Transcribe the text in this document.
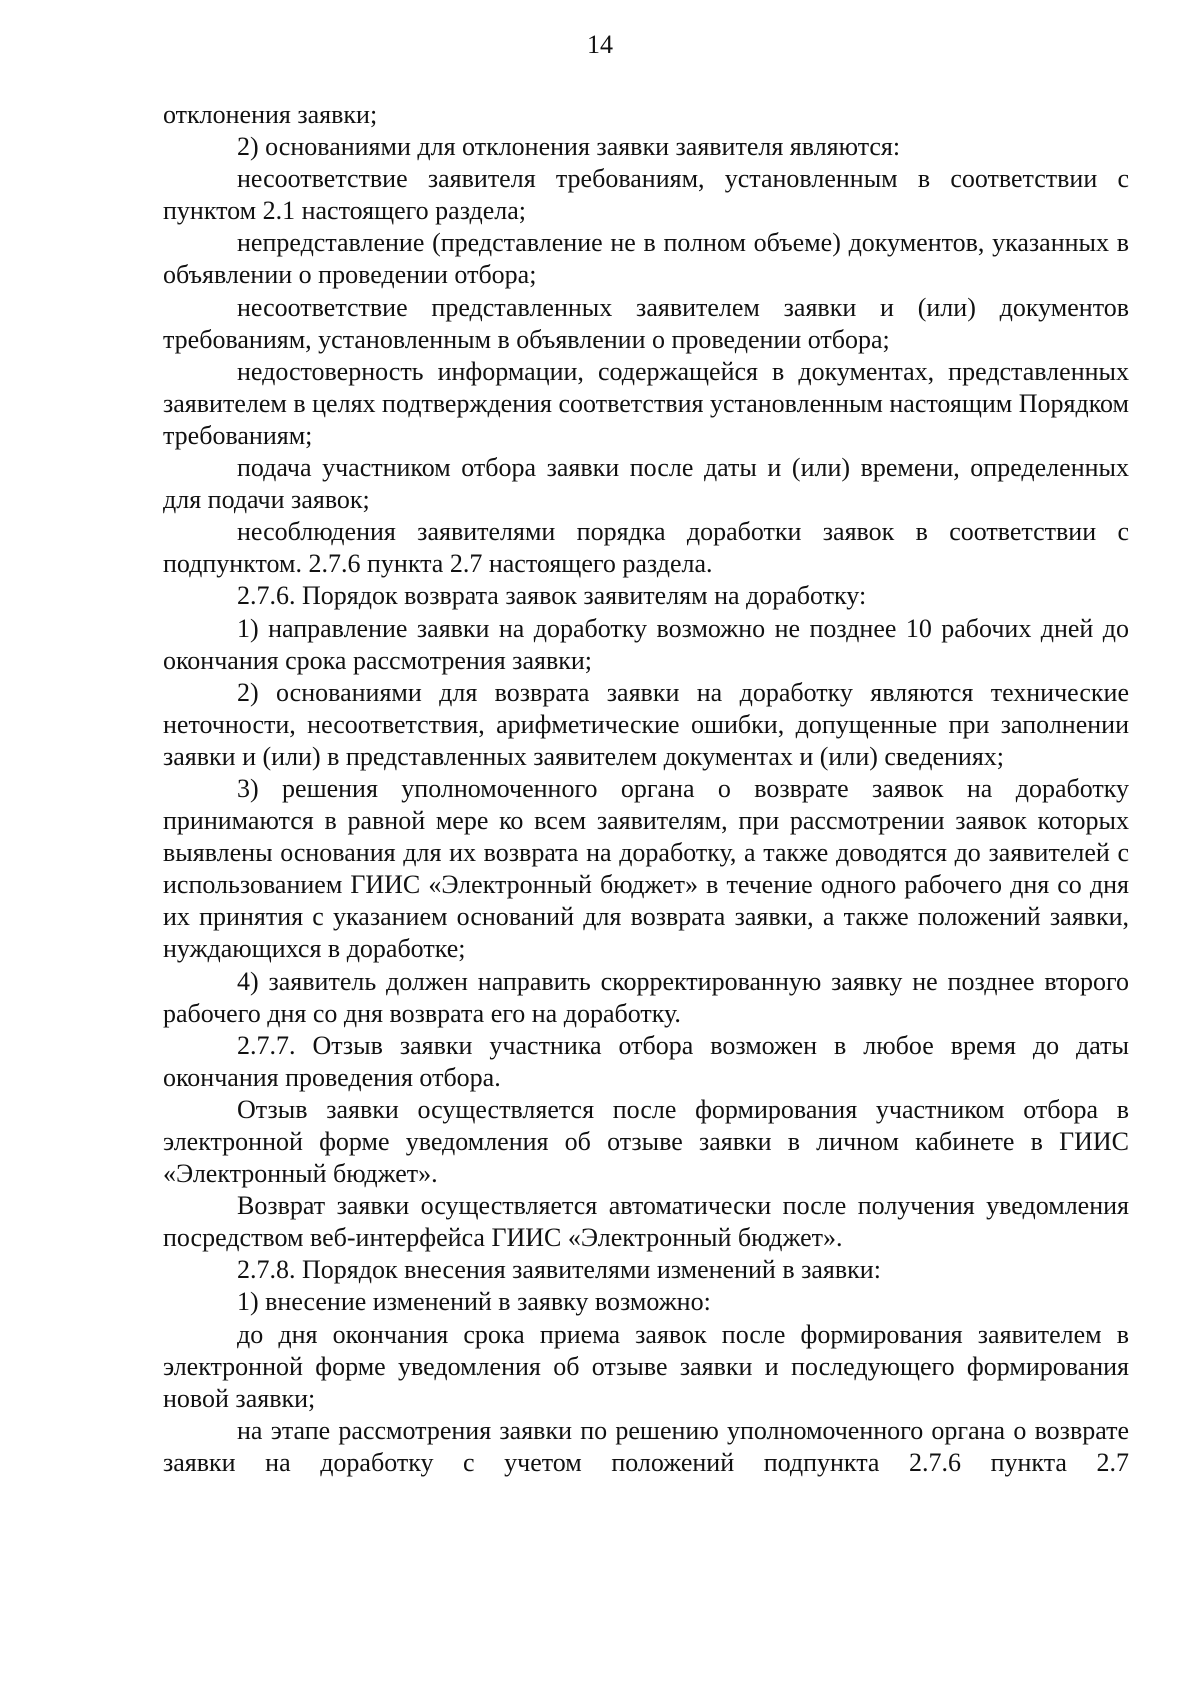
14

отклонения заявки;

2) основаниями для отклонения заявки заявителя являются:

несоответствие заявителя требованиям, установленным в соответствии с пунктом 2.1 настоящего раздела;

непредставление (представление не в полном объеме) документов, указанных в объявлении о проведении отбора;

несоответствие представленных заявителем заявки и (или) документов требованиям, установленным в объявлении о проведении отбора;

недостоверность информации, содержащейся в документах, представленных заявителем в целях подтверждения соответствия установленным настоящим Порядком требованиям;

подача участником отбора заявки после даты и (или) времени, определенных для подачи заявок;

несоблюдения заявителями порядка доработки заявок в соответствии с подпунктом. 2.7.6 пункта 2.7 настоящего раздела.

2.7.6. Порядок возврата заявок заявителям на доработку:

1) направление заявки на доработку возможно не позднее 10 рабочих дней до окончания срока рассмотрения заявки;

2) основаниями для возврата заявки на доработку являются технические неточности, несоответствия, арифметические ошибки, допущенные при заполнении заявки и (или) в представленных заявителем документах и (или) сведениях;

3) решения уполномоченного органа о возврате заявок на доработку принимаются в равной мере ко всем заявителям, при рассмотрении заявок которых выявлены основания для их возврата на доработку, а также доводятся до заявителей с использованием ГИИС «Электронный бюджет» в течение одного рабочего дня со дня их принятия с указанием оснований для возврата заявки, а также положений заявки, нуждающихся в доработке;

4) заявитель должен направить скорректированную заявку не позднее второго рабочего дня со дня возврата его на доработку.

2.7.7. Отзыв заявки участника отбора возможен в любое время до даты окончания проведения отбора.

Отзыв заявки осуществляется после формирования участником отбора в электронной форме уведомления об отзыве заявки в личном кабинете в ГИИС «Электронный бюджет».

Возврат заявки осуществляется автоматически после получения уведомления посредством веб-интерфейса ГИИС «Электронный бюджет».

2.7.8. Порядок внесения заявителями изменений в заявки:

1) внесение изменений в заявку возможно:

до дня окончания срока приема заявок после формирования заявителем в электронной форме уведомления об отзыве заявки и последующего формирования новой заявки;

на этапе рассмотрения заявки по решению уполномоченного органа о возврате заявки на доработку с учетом положений подпункта 2.7.6 пункта 2.7
